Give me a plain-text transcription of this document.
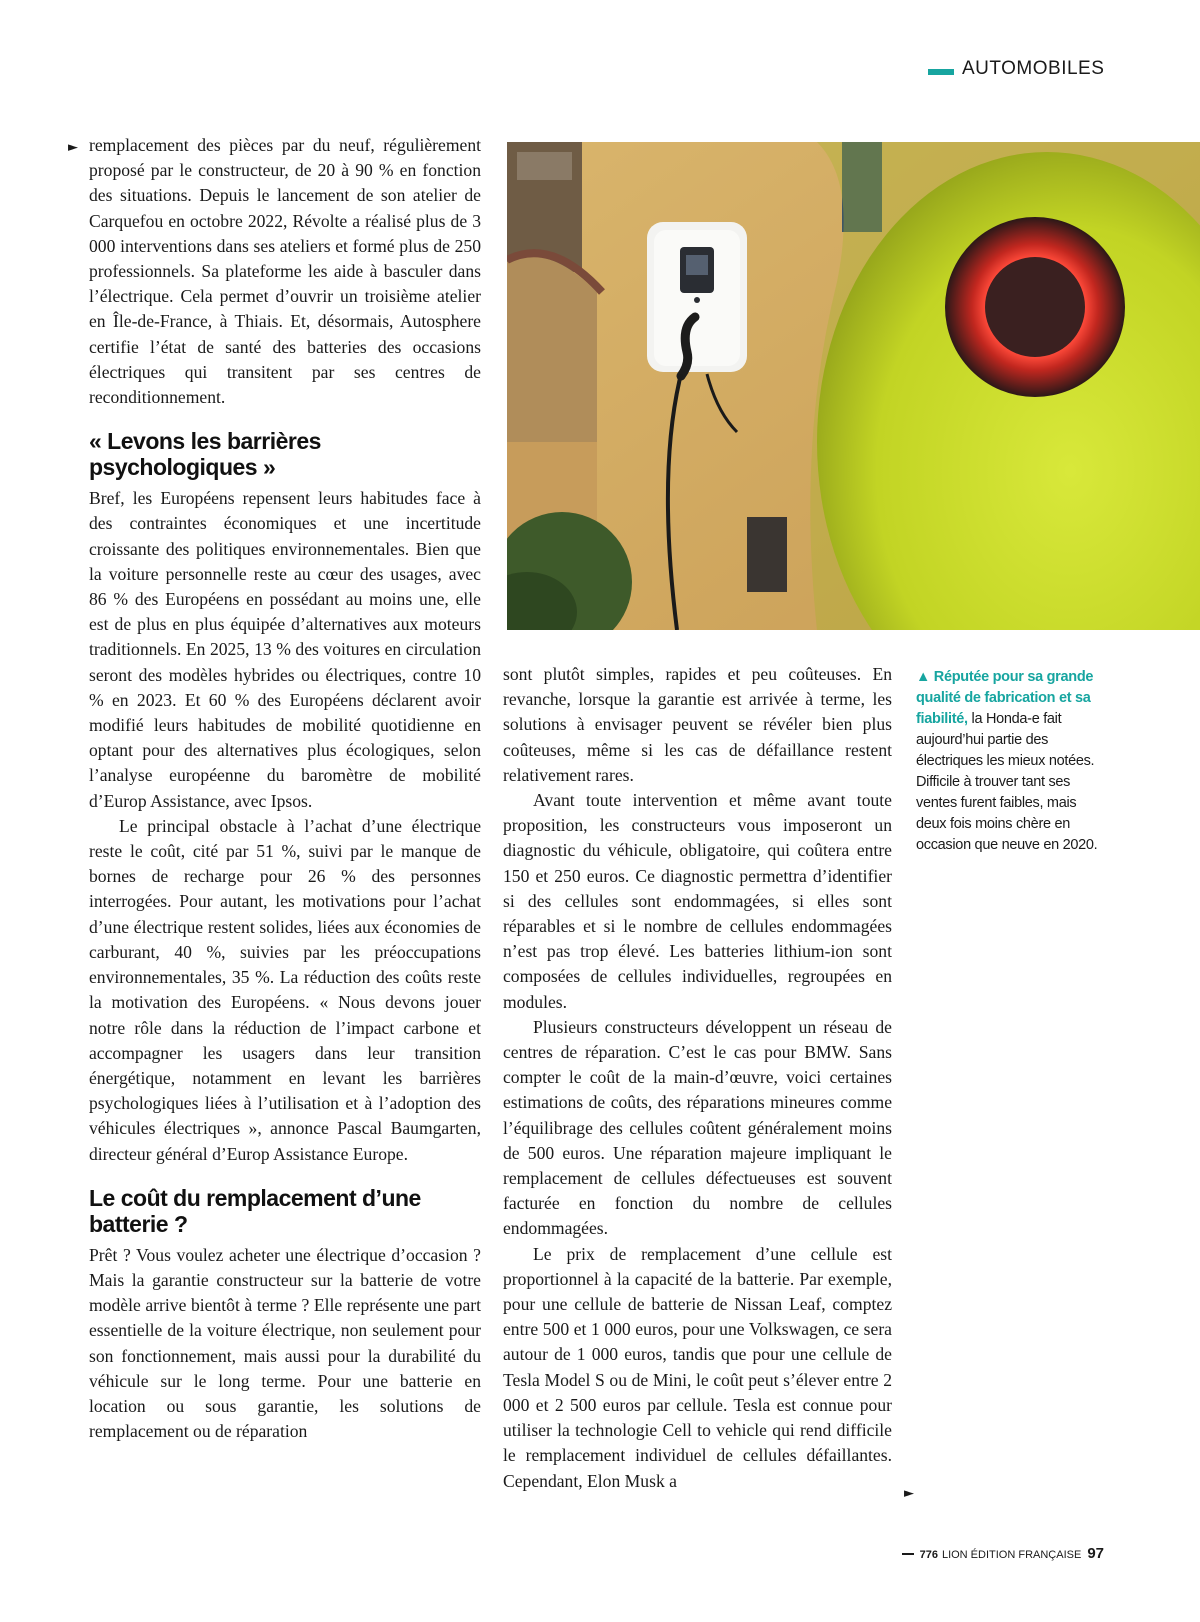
AUTOMOBILES
► remplacement des pièces par du neuf, régulièrement proposé par le constructeur, de 20 à 90 % en fonction des situations. Depuis le lancement de son atelier de Carquefou en octobre 2022, Révolte a réalisé plus de 3 000 interventions dans ses ateliers et formé plus de 250 professionnels. Sa plateforme les aide à basculer dans l’électrique. Cela permet d’ouvrir un troisième atelier en Île-de-France, à Thiais. Et, désormais, Autosphere certifie l’état de santé des batteries des occasions électriques qui transitent par ses centres de reconditionnement.

« Levons les barrières psychologiques »

Bref, les Européens repensent leurs habitudes face à des contraintes économiques et une incertitude croissante des politiques environnementales. Bien que la voiture personnelle reste au cœur des usages, avec 86 % des Européens en possédant au moins une, elle est de plus en plus équipée d’alternatives aux moteurs traditionnels. En 2025, 13 % des voitures en circulation seront des modèles hybrides ou électriques, contre 10 % en 2023. Et 60 % des Européens déclarent avoir modifié leurs habitudes de mobilité quotidienne en optant pour des alternatives plus écologiques, selon l’analyse européenne du baromètre de mobilité d’Europ Assistance, avec Ipsos.

Le principal obstacle à l’achat d’une électrique reste le coût, cité par 51 %, suivi par le manque de bornes de recharge pour 26 % des personnes interrogées. Pour autant, les motivations pour l’achat d’une électrique restent solides, liées aux économies de carburant, 40 %, suivies par les préoccupations environnementales, 35 %. La réduction des coûts reste la motivation des Européens. « Nous devons jouer notre rôle dans la réduction de l’impact carbone et accompagner les usagers dans leur transition énergétique, notamment en levant les barrières psychologiques liées à l’utilisation et à l’adoption des véhicules électriques », annonce Pascal Baumgarten, directeur général d’Europ Assistance Europe.

Le coût du remplacement d’une batterie ?

Prêt ? Vous voulez acheter une électrique d’occasion ? Mais la garantie constructeur sur la batterie de votre modèle arrive bientôt à terme ? Elle représente une part essentielle de la voiture électrique, non seulement pour son fonctionnement, mais aussi pour la durabilité du véhicule sur le long terme. Pour une batterie en location ou sous garantie, les solutions de remplacement ou de réparation

▲ Réputée pour sa grande qualité de fabrication et sa fiabilité, la Honda-e fait aujourd’hui partie des électriques les mieux notées. Difficile à trouver tant ses ventes furent faibles, mais deux fois moins chère en occasion que neuve en 2020.

sont plutôt simples, rapides et peu coûteuses. En revanche, lorsque la garantie est arrivée à terme, les solutions à envisager peuvent se révéler bien plus coûteuses, même si les cas de défaillance restent relativement rares.

Avant toute intervention et même avant toute proposition, les constructeurs vous imposeront un diagnostic du véhicule, obligatoire, qui coûtera entre 150 et 250 euros. Ce diagnostic permettra d’identifier si des cellules sont endommagées, si elles sont réparables et si le nombre de cellules endommagées n’est pas trop élevé. Les batteries lithium-ion sont composées de cellules individuelles, regroupées en modules.

Plusieurs constructeurs développent un réseau de centres de réparation. C’est le cas pour BMW. Sans compter le coût de la main-d’œuvre, voici certaines estimations de coûts, des réparations mineures comme l’équilibrage des cellules coûtent généralement moins de 500 euros. Une réparation majeure impliquant le remplacement de cellules défectueuses est souvent facturée en fonction du nombre de cellules endommagées.

Le prix de remplacement d’une cellule est proportionnel à la capacité de la batterie. Par exemple, pour une cellule de batterie de Nissan Leaf, comptez entre 500 et 1 000 euros, pour une Volkswagen, ce sera autour de 1 000 euros, tandis que pour une cellule de Tesla Model S ou de Mini, le coût peut s’élever entre 2 000 et 2 500 euros par cellule. Tesla est connue pour utiliser la technologie Cell to vehicle qui rend difficile le remplacement individuel de cellules défaillantes. Cependant, Elon Musk a

►
776 LION ÉDITION FRANÇAISE 97
